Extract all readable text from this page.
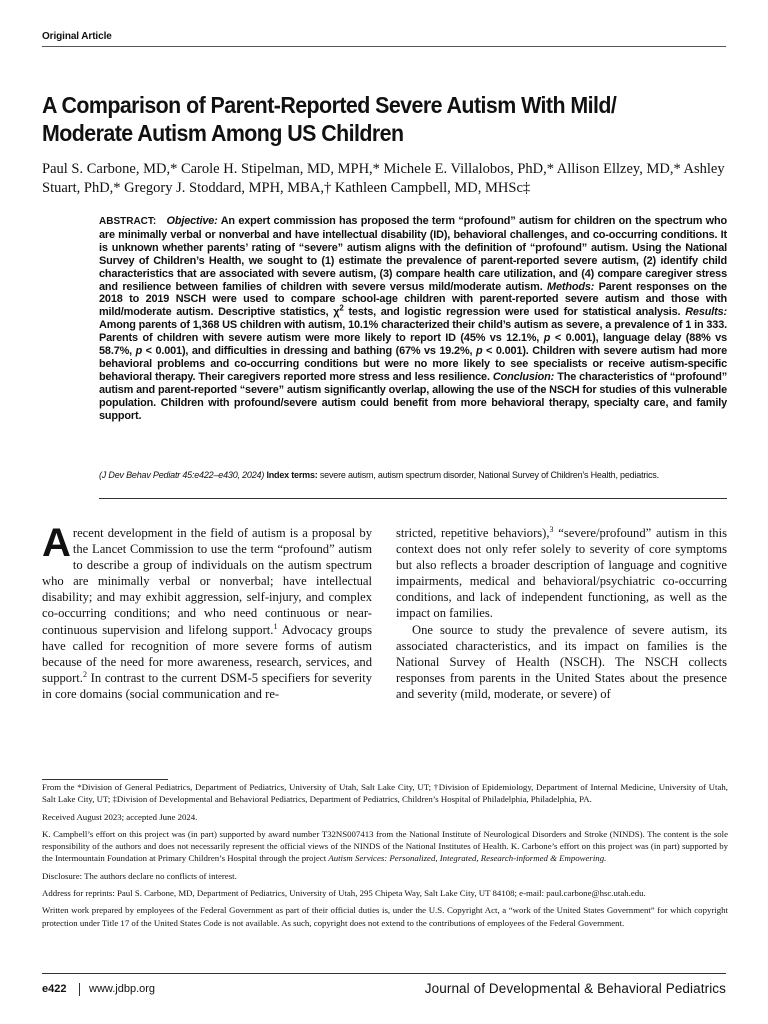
Original Article
A Comparison of Parent-Reported Severe Autism With Mild/ Moderate Autism Among US Children

Paul S. Carbone, MD,* Carole H. Stipelman, MD, MPH,* Michele E. Villalobos, PhD,* Allison Ellzey, MD,* Ashley Stuart, PhD,* Gregory J. Stoddard, MPH, MBA,† Kathleen Campbell, MD, MHSc‡

ABSTRACT: Objective: An expert commission has proposed the term “profound” autism for children on the spectrum who are minimally verbal or nonverbal and have intellectual disability (ID), behavioral challenges, and co-occurring conditions. It is unknown whether parents’ rating of “severe” autism aligns with the definition of “profound” autism. Using the National Survey of Children’s Health, we sought to (1) estimate the prevalence of parent-reported severe autism, (2) identify child characteristics that are associated with severe autism, (3) compare health care utilization, and (4) compare caregiver stress and resilience between families of children with severe versus mild/moderate autism. Methods: Parent responses on the 2018 to 2019 NSCH were used to compare school-age children with parent-reported severe autism and those with mild/moderate autism. Descriptive statistics, $\chi^2$ tests, and logistic regression were used for statistical analysis. Results: Among parents of 1,368 US children with autism, 10.1% characterized their child’s autism as severe, a prevalence of 1 in 333. Parents of children with severe autism were more likely to report ID (45% vs 12.1%, p < 0.001), language delay (88% vs 58.7%, p < 0.001), and difficulties in dressing and bathing (67% vs 19.2%, p < 0.001). Children with severe autism had more behavioral problems and co-occurring conditions but were no more likely to see specialists or receive autism-specific behavioral therapy. Their caregivers reported more stress and less resilience. Conclusion: The characteristics of “profound” autism and parent-reported “severe” autism significantly overlap, allowing the use of the NSCH for studies of this vulnerable population. Children with profound/severe autism could benefit from more behavioral therapy, specialty care, and family support.

(J Dev Behav Pediatr 45:e422–e430, 2024) Index terms: severe autism, autism spectrum disorder, National Survey of Children’s Health, pediatrics.

A recent development in the field of autism is a proposal by the Lancet Commission to use the term “profound” autism to describe a group of individuals on the autism spectrum who are minimally verbal or nonverbal; have intellectual disability; and may exhibit aggression, self-injury, and complex co-occurring conditions; and who need continuous or near-continuous supervision and lifelong support.$^1$ Advocacy groups have called for recognition of more severe forms of autism because of the need for more awareness, research, services, and support.$^2$ In contrast to the current DSM-5 specifiers for severity in core domains (social communication and re-

stricted, repetitive behaviors),$^3$ “severe/profound” autism in this context does not only refer solely to severity of core symptoms but also reflects a broader description of language and cognitive impairments, medical and behavioral/psychiatric co-occurring conditions, and lack of independent functioning, as well as the impact on families.

One source to study the prevalence of severe autism, its associated characteristics, and its impact on families is the National Survey of Health (NSCH). The NSCH collects responses from parents in the United States about the presence and severity (mild, moderate, or severe) of

From the *Division of General Pediatrics, Department of Pediatrics, University of Utah, Salt Lake City, UT; †Division of Epidemiology, Department of Internal Medicine, University of Utah, Salt Lake City, UT; ‡Division of Developmental and Behavioral Pediatrics, Department of Pediatrics, Children’s Hospital of Philadelphia, Philadelphia, PA.

Received August 2023; accepted June 2024.

K. Campbell’s effort on this project was (in part) supported by award number T32NS007413 from the National Institute of Neurological Disorders and Stroke (NINDS). The content is the sole responsibility of the authors and does not necessarily represent the official views of the NINDS of the National Institutes of Health. K. Carbone’s effort on this project was (in part) supported by the Intermountain Foundation at Primary Children’s Hospital through the project Autism Services: Personalized, Integrated, Research-informed & Empowering.

Disclosure: The authors declare no conflicts of interest.

Address for reprints: Paul S. Carbone, MD, Department of Pediatrics, University of Utah, 295 Chipeta Way, Salt Lake City, UT 84108; e-mail: paul.carbone@hsc.utah.edu.

Written work prepared by employees of the Federal Government as part of their official duties is, under the U.S. Copyright Act, a “work of the United States Government” for which copyright protection under Title 17 of the United States Code is not available. As such, copyright does not extend to the contributions of employees of the Federal Government.

e422 www.jdbp.org	Journal of Developmental & Behavioral Pediatrics
